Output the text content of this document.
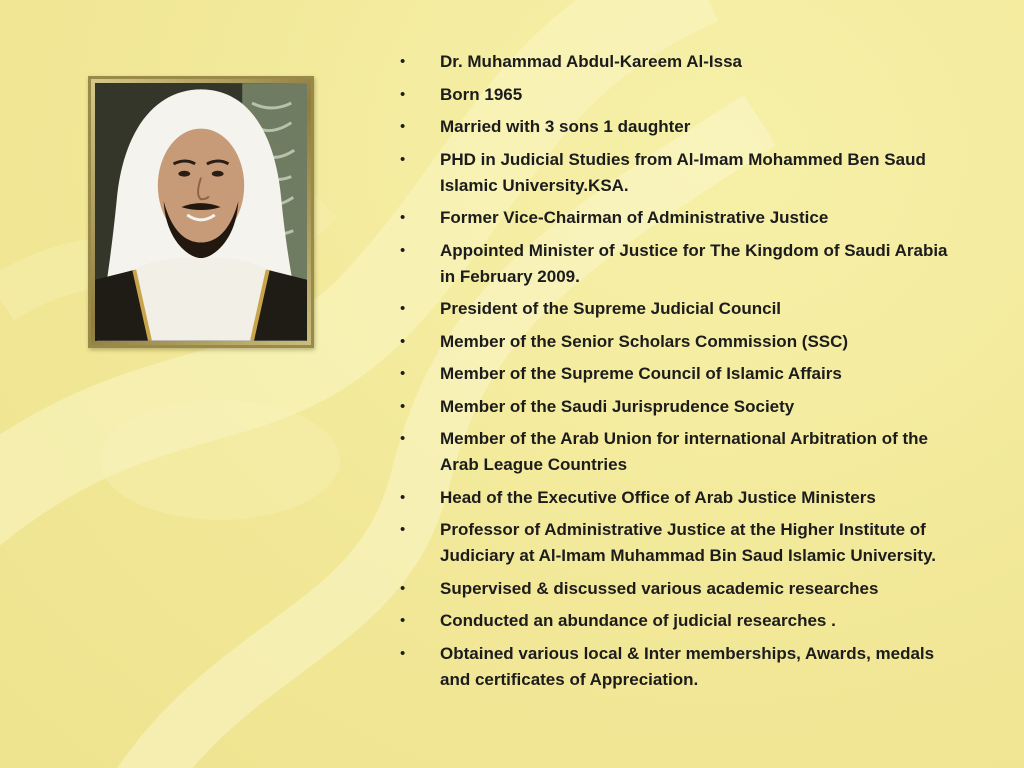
• Dr. Muhammad Abdul-Kareem Al-Issa
• Born 1965
• Married with 3 sons 1 daughter
• PHD in Judicial Studies from Al-Imam Mohammed Ben Saud Islamic University.KSA.
• Former Vice-Chairman of Administrative Justice
• Appointed Minister of Justice for The Kingdom of Saudi Arabia in February 2009.
• President of the Supreme Judicial Council
• Member of the Senior Scholars Commission (SSC)
• Member of the Supreme Council of Islamic Affairs
• Member of the Saudi Jurisprudence Society
• Member of the Arab Union for international Arbitration of the Arab League Countries
• Head of the Executive Office of Arab Justice Ministers
• Professor of Administrative Justice at the Higher Institute of Judiciary at Al-Imam Muhammad Bin Saud Islamic University.
• Supervised & discussed various academic researches
• Conducted an abundance of judicial researches .
• Obtained various local & Inter memberships, Awards, medals and certificates of Appreciation.
